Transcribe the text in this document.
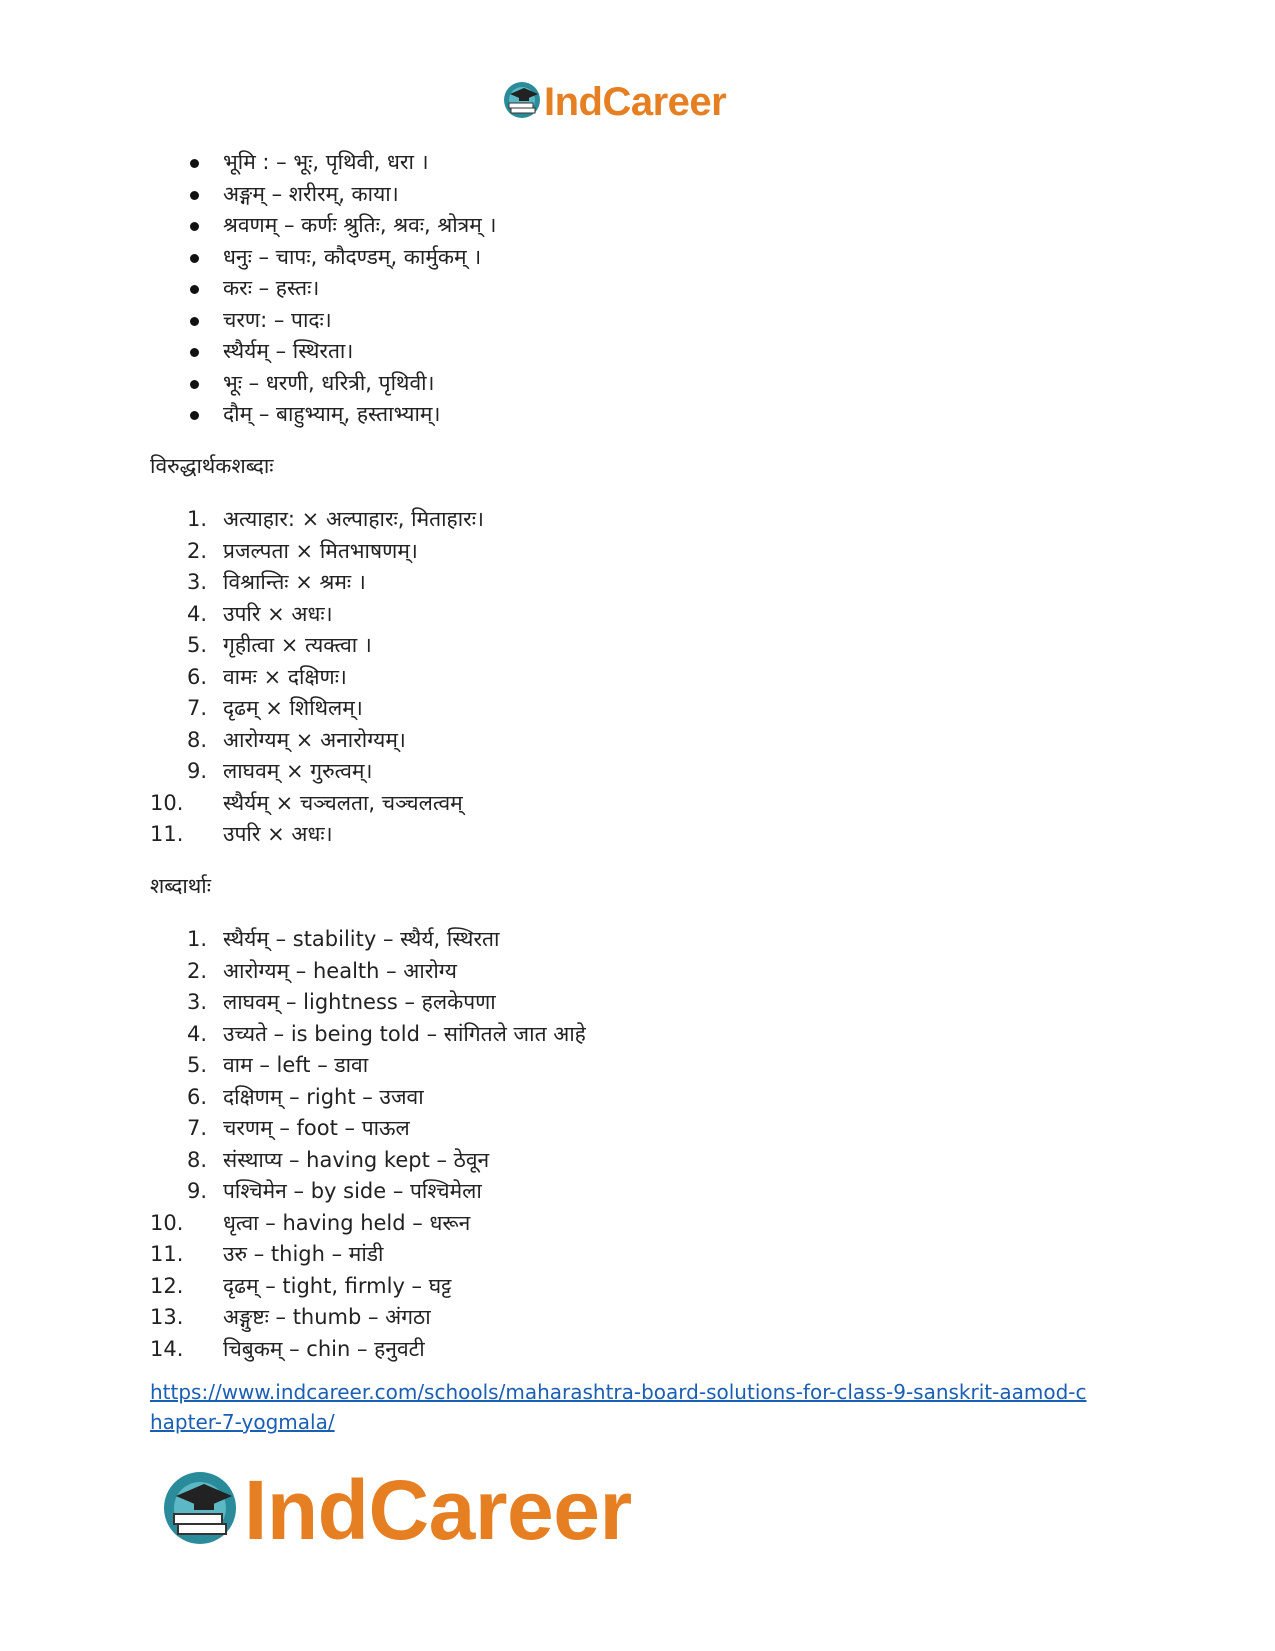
IndCareer
भूमि : – भूः, पृथिवी, धरा ।
अङ्गम् – शरीरम्, काया।
श्रवणम् – कर्णः श्रुतिः, श्रवः, श्रोत्रम् ।
धनुः – चापः, कौदण्डम्, कार्मुकम् ।
करः – हस्तः।
चरण: – पादः।
स्थैर्यम् – स्थिरता।
भूः – धरणी, धरित्री, पृथिवी।
दौम् – बाहुभ्याम्, हस्ताभ्याम्।
विरुद्धार्थकशब्दाः
1. अत्याहार: × अल्पाहारः, मिताहारः।
2. प्रजल्पता × मितभाषणम्।
3. विश्रान्तिः × श्रमः ।
4. उपरि × अधः।
5. गृहीत्वा × त्यक्त्वा ।
6. वामः × दक्षिणः।
7. दृढम् × शिथिलम्।
8. आरोग्यम् × अनारोग्यम्।
9. लाघवम् × गुरुत्वम्।
10. स्थैर्यम् × चञ्चलता, चञ्चलत्वम्
11. उपरि × अधः।
शब्दार्थाः
1. स्थैर्यम् – stability – स्थैर्य, स्थिरता
2. आरोग्यम् – health – आरोग्य
3. लाघवम् – lightness – हलकेपणा
4. उच्यते – is being told – सांगितले जात आहे
5. वाम – left – डावा
6. दक्षिणम् – right – उजवा
7. चरणम् – foot – पाऊल
8. संस्थाप्य – having kept – ठेवून
9. पश्चिमेन – by side – पश्चिमेला
10. धृत्वा – having held – धरून
11. उरु – thigh – मांडी
12. दृढम् – tight, firmly – घट्ट
13. अङ्गुष्टः – thumb – अंगठा
14. चिबुकम् – chin – हनुवटी
https://www.indcareer.com/schools/maharashtra-board-solutions-for-class-9-sanskrit-aamod-chapter-7-yogmala/
IndCareer
